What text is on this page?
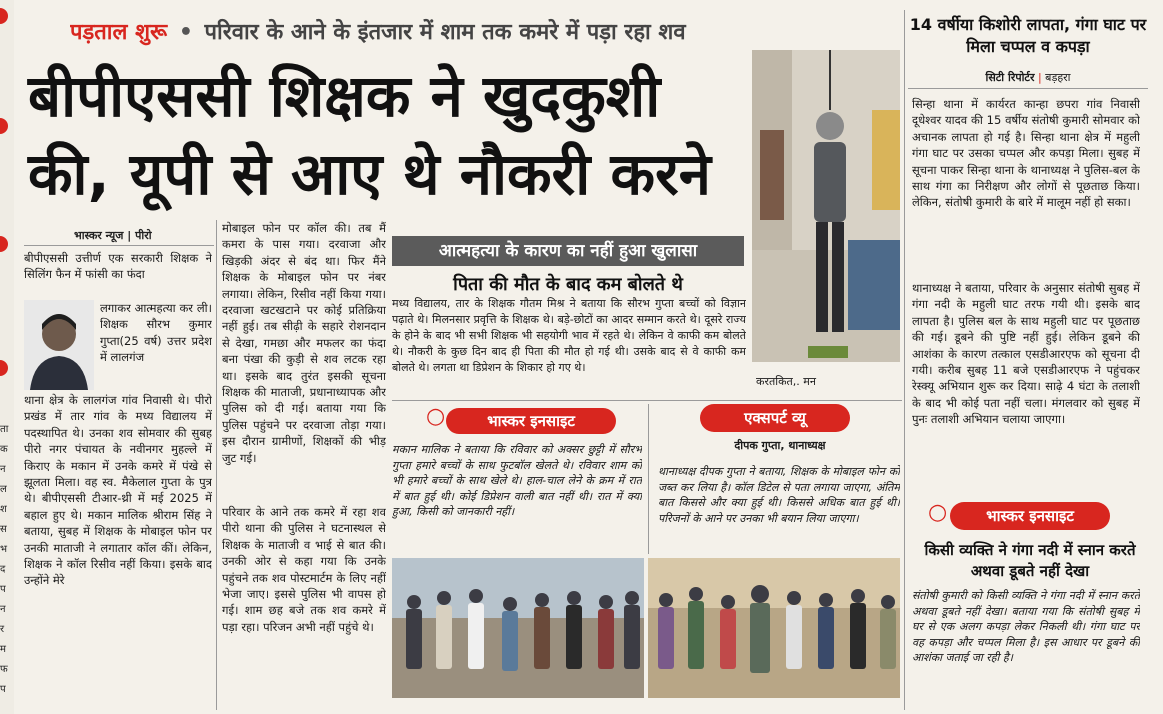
ता
क
न
ल
श
स
भ
द
प
न
र
म
फ
प
पड़ताल शुरू • परिवार के आने के इंतजार में शाम तक कमरे में पड़ा रहा शव
बीपीएससी शिक्षक ने खुदकुशी
की, यूपी से आए थे नौकरी करने
14 वर्षीया किशोरी लापता, गंगा घाट पर मिला चप्पल व कपड़ा
सिटी रिपोर्टर | बड़हरा
सिन्हा थाना में कार्यरत कान्हा छपरा गांव निवासी दूधेश्वर यादव की 15 वर्षीय संतोषी कुमारी सोमवार को अचानक लापता हो गई है। सिन्हा थाना क्षेत्र में महुली गंगा घाट पर उसका चप्पल और कपड़ा मिला। सुबह में सूचना पाकर सिन्हा थाना के थानाध्यक्ष ने पुलिस-बल के साथ गंगा का निरीक्षण और लोगों से पूछताछ किया। लेकिन, संतोषी कुमारी के बारे में मालूम नहीं हो सका।
थानाध्यक्ष ने बताया, परिवार के अनुसार संतोषी सुबह में गंगा नदी के महुली घाट तरफ गयी थी। इसके बाद लापता है। पुलिस बल के साथ महुली घाट पर पूछताछ की गई। डूबने की पुष्टि नहीं हुई। लेकिन डूबने की आशंका के कारण तत्काल एसडीआरएफ को सूचना दी गयी। करीब सुबह 11 बजे एसडीआरएफ ने पहुंचकर रेस्क्यू अभियान शुरू कर दिया। साढ़े 4 घंटा के तलाशी के बाद भी कोई पता नहीं चला। मंगलवार को सुबह में पुनः तलाशी अभियान चलाया जाएगा।
○	भास्कर इनसाइट
किसी व्यक्ति ने गंगा नदी में स्नान करते अथवा डूबते नहीं देखा
संतोषी कुमारी को किसी व्यक्ति ने गंगा नदी में स्नान करते अथवा डूबते नहीं देखा। बताया गया कि संतोषी सुबह में घर से एक अलग कपड़ा लेकर निकली थी। गंगा घाट पर वह कपड़ा और चप्पल मिला है। इस आधार पर डूबने की आशंका जताई जा रही है।
भास्कर न्यूज | पीरो
बीपीएससी उत्तीर्ण एक सरकारी शिक्षक ने सिलिंग फैन में फांसी का फंदा
लगाकर आत्महत्या कर ली। शिक्षक सौरभ कुमार गुप्ता(25 वर्ष) उत्तर प्रदेश में लालगंज
थाना क्षेत्र के लालगंज गांव निवासी थे। पीरो प्रखंड में तार गांव के मध्य विद्यालय में पदस्थापित थे। उनका शव सोमवार की सुबह पीरो नगर पंचायत के नवीनगर मुहल्ले में किराए के मकान में उनके कमरे में पंखे से झूलता मिला। वह स्व. मैकेलाल गुप्ता के पुत्र थे। बीपीएससी टीआर-थ्री में मई 2025 में बहाल हुए थे। मकान मालिक श्रीराम सिंह ने बताया, सुबह में शिक्षक के मोबाइल फोन पर उनकी माताजी ने लगातार कॉल कीं। लेकिन, शिक्षक ने कॉल रिसीव नहीं किया। इसके बाद उन्होंने मेरे
मोबाइल फोन पर कॉल की। तब मैं कमरा के पास गया। दरवाजा और खिड़की अंदर से बंद था। फिर मैंने शिक्षक के मोबाइल फोन पर नंबर लगाया। लेकिन, रिसीव नहीं किया गया। दरवाजा खटखटाने पर कोई प्रतिक्रिया नहीं हुई। तब सीढ़ी के सहारे रोशनदान से देखा, गमछा और मफलर का फंदा बना पंखा की कुड़ी से शव लटक रहा था। इसके बाद तुरंत इसकी सूचना शिक्षक की माताजी, प्रधानाध्यापक और पुलिस को दी गई। बताया गया कि पुलिस पहुंचने पर दरवाजा तोड़ा गया। इस दौरान ग्रामीणों, शिक्षकों की भीड़ जुट गई।
परिवार के आने तक कमरे में रहा शव पीरो थाना की पुलिस ने घटनास्थल से शिक्षक के माताजी व भाई से बात की। उनकी ओर से कहा गया कि उनके पहुंचने तक शव पोस्टमार्टम के लिए नहीं भेजा जाए। इससे पुलिस भी वापस हो गई। शाम छह बजे तक शव कमरे में पड़ा रहा। परिजन अभी नहीं पहुंचे थे।
आत्महत्या के कारण का नहीं हुआ खुलासा
पिता की मौत के बाद कम बोलते थे
मध्य विद्यालय, तार के शिक्षक गौतम मिश्र ने बताया कि सौरभ गुप्ता बच्चों को विज्ञान पढ़ाते थे। मिलनसार प्रवृत्ति के शिक्षक थे। बड़े-छोटों का आदर सम्मान करते थे। दूसरे राज्य के होने के बाद भी सभी शिक्षक भी सहयोगी भाव में रहते थे। लेकिन वे काफी कम बोलते थे। नौकरी के कुछ दिन बाद ही पिता की मौत हो गई थी। उसके बाद से वे काफी कम बोलते थे। लगता था डिप्रेशन के शिकार हो गए थे।
करतकित,. मन
○	भास्कर इनसाइट
मकान मालिक ने बताया कि रविवार को अक्सर छुट्टी में सौरभ गुप्ता हमारे बच्चों के साथ फुटबॉल खेलते थे। रविवार शाम को भी हमारे बच्चों के साथ खेले थे। हाल-चाल लेने के क्रम में रात में बात हुई थी। कोई डिप्रेशन वाली बात नहीं थी। रात में क्या हुआ, किसी को जानकारी नहीं।
एक्सपर्ट व्यू
दीपक गुप्ता, थानाध्यक्ष
थानाध्यक्ष दीपक गुप्ता ने बताया, शिक्षक के मोबाइल फोन को जब्त कर लिया है। कॉल डिटेल से पता लगाया जाएगा, अंतिम बात किससे और क्या हुई थी। किससे अधिक बात हुई थी। परिजनों के आने पर उनका भी बयान लिया जाएगा।
